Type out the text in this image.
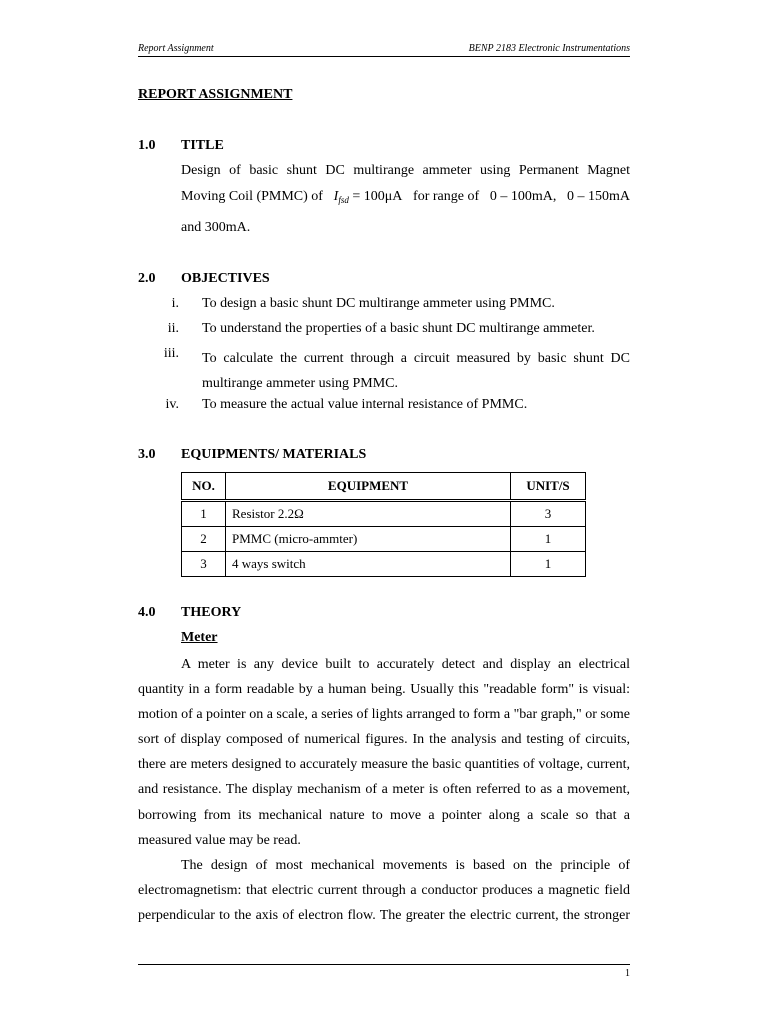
Report Assignment	BENP 2183 Electronic Instrumentations
REPORT ASSIGNMENT
1.0 TITLE
Design of basic shunt DC multirange ammeter using Permanent Magnet
Moving Coil (PMMC) of $I_{fsd} = 100\mu A$ for range of 0 – 100mA, 0 – 150mA
and 300mA.
2.0 OBJECTIVES
i. To design a basic shunt DC multirange ammeter using PMMC.
ii. To understand the properties of a basic shunt DC multirange ammeter.
iii. To calculate the current through a circuit measured by basic shunt DC multirange ammeter using PMMC.
iv. To measure the actual value internal resistance of PMMC.
3.0 EQUIPMENTS/ MATERIALS
NO.	EQUIPMENT	UNIT/S
1	Resistor 2.2Ω	3
2	PMMC (micro-ammter)	1
3	4 ways switch	1
4.0 THEORY
Meter
A meter is any device built to accurately detect and display an electrical quantity in a form readable by a human being. Usually this "readable form" is visual: motion of a pointer on a scale, a series of lights arranged to form a "bar graph," or some sort of display composed of numerical figures. In the analysis and testing of circuits, there are meters designed to accurately measure the basic quantities of voltage, current, and resistance. The display mechanism of a meter is often referred to as a movement, borrowing from its mechanical nature to move a pointer along a scale so that a measured value may be read.
The design of most mechanical movements is based on the principle of electromagnetism: that electric current through a conductor produces a magnetic field perpendicular to the axis of electron flow. The greater the electric current, the stronger
1
